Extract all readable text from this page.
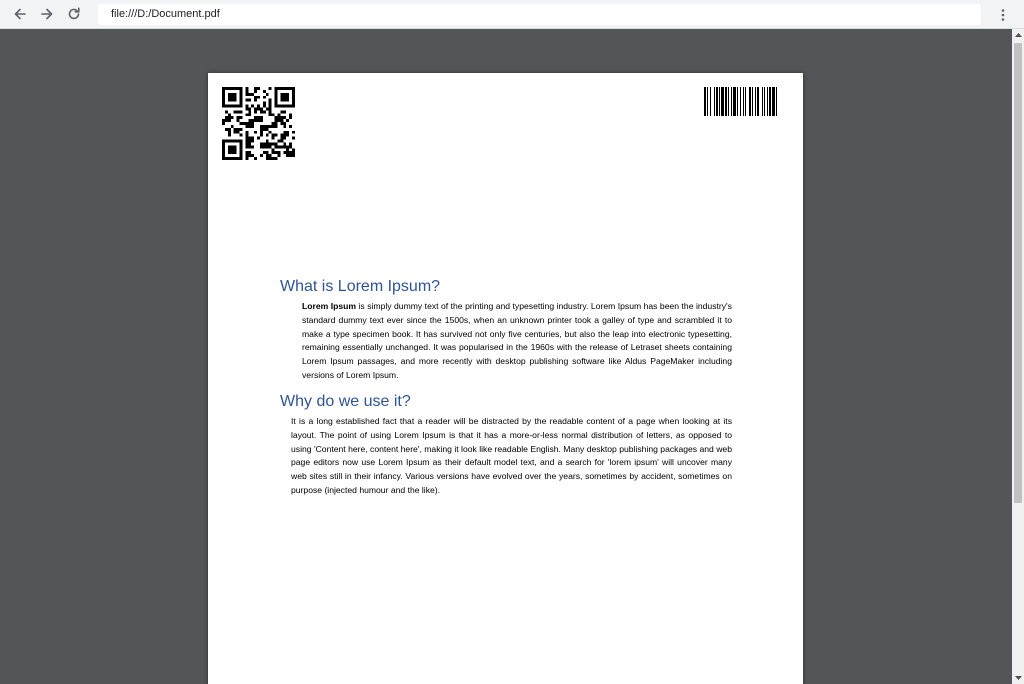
file:///D:/Document.pdf
What is Lorem Ipsum?

Lorem Ipsum is simply dummy text of the printing and typesetting industry. Lorem Ipsum has been the industry's standard dummy text ever since the 1500s, when an unknown printer took a galley of type and scrambled it to make a type specimen book. It has survived not only five centuries, but also the leap into electronic typesetting, remaining essentially unchanged. It was popularised in the 1960s with the release of Letraset sheets containing Lorem Ipsum passages, and more recently with desktop publishing software like Aldus PageMaker including versions of Lorem Ipsum.

Why do we use it?

It is a long established fact that a reader will be distracted by the readable content of a page when looking at its layout. The point of using Lorem Ipsum is that it has a more-or-less normal distribution of letters, as opposed to using 'Content here, content here', making it look like readable English. Many desktop publishing packages and web page editors now use Lorem Ipsum as their default model text, and a search for 'lorem ipsum' will uncover many web sites still in their infancy. Various versions have evolved over the years, sometimes by accident, sometimes on purpose (injected humour and the like).
